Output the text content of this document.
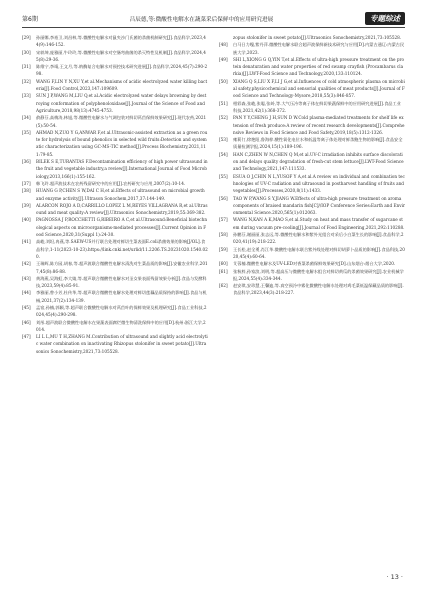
第6期	吕辰德,等:微酸性电解水在蔬菜采后保鲜中的应用研究进展	专题综述
[29]	孙丽娜,李裕卫,刘昌林,等.微酸性电解水对鼠夹沙门氏菌的杀菌机制研究[J].食品科学,2023,44(9):146-152.
[30]	宋轶坤,庞雅丽,牛玲玲,等.微酸性电解水对空肠弯曲菌的杀灭特性及机制[J].食品科学,2024,45(8):29-36.
[31]	陈维宁,李靖,王文月,等.纳酶复合电解水对预控技术研究进展[J].食品科学,2024,45(7):290-298.
[32]	WANG F,LIN Y N,XU Y,et al.Mechanisms of acidic electrolyzed water killing bacteria[J].Food Control,2023,147:109609.
[33]	SUN J P,WANG M,LIU Q,et al.Acidic electrolyzed water delays browning by destroying conformation of polyphenoloxidase[J].Journal of the Science of Food and Agriculture,2018,98(13):4745-4753.
[34]	俞静芬,高梅涛,林旭,等.微酸性电解水与气调包装对鲜切莴苣保鲜效果研究[J].现代农药,2021(5):50-54.
[35]	AHMAD N,ZUO Y G,ANWAR F,et al.Ultrasonic-assisted extraction as a green route for hydrolysis of bound phenolics in selected wild fruits:Detection and systematic characterization using GC-MS-TIC method[J].Process Biochemistry,2021,111:79-85.
[36]	BILEK S E,TURANTAS F.Decontamination efficiency of high power ultrasound in the fruit and vegetable industry,a review[J].International Journal of Food Microbiology,2013,166(1):155-162.
[37]	韩飞玲.超声波技术在农药残留研究中的应用[J].农药研究与应用,2007(2):10-14.
[38]	HUANG G P,CHEN S W,DAI C H,et al.Effects of ultrasound on microbial growth and enzyme activity[J].Ultrason Sonochem,2017,37:144-149.
[39]	ALARCON ROJO A D,CARRILLO LOPEZ L M,REYES VILLAGRANA R,et al.Ultrasound and meat quality:A review[J].Ultrasonics Sonochemistry,2019,55:369-382.
[40]	PAGNOSSA J P,ROCCHETTI G,RIBEIRO A C,et al.Ultrasound:Beneficial biotechnological aspects on microorganisms-mediated processes[J].Current Opinion in Food Science,2020,31(Suppl 1):24-30.
[41]	高峻,刘坦,冉燕,等.SAEW-US并行联合处理对鲜切生菜表面E.coli杀菌效果的影响[J/OL].食品科学,1-11(2023-10-23).https://link.cnki.net/urlid/11.2206.TS.20231020.1540.020.
[42]	王瑞辉,陈方园,胡春,等.超声波联合微酸性电解水清洗对生菜品质的影响[J].安徽农业科学,2017,45(8):86-88.
[43]	黄海燕,吴海虹,李大婧,等.超声联合微酸性电解水对圣女果表面残留效果分析[J].食品与发酵科技,2023,59(4):85-91.
[44]	李雅丽,曾小芳,杜传华,等.超声联合微酸性电解水处理对鲜切莲藕品质保持的影响[J].食品与机械,2021,37(2):134-139.
[45]	孟宿,孙楠,郭颖,等.超声联合微酸性电解水对莴苣叶的保鲜效果及机理研究[J].食品工业科技,2024,45(4):290-298.
[46]	刘彤.超声波联合微酸性电解水在果蔬表面腐烂微生物清洗保鲜中的应用[D].杭州:浙江大学,2014.
[47]	LI L L,MU T H,ZHANG M.Contribution of ultrasound and slightly acid electrolytic water combination on inactivating Rhizopus stolonifer in sweet potato[J].Ultrasonics Sonochemistry,2021,73:105528.
zopus stolonifer in sweet potato[J].Ultrasonics Sonochemistry,2021,73:105528.
[48]	白马日力嘎,紫丹萍.微酸性电解水联合超声波保鲜新技术研究与应用[D].内蒙古通辽:内蒙古民族大学,2023.
[49]	SHI L,XIONG G Q,YIN T,et al.Effects of ultra-high pressure treatment on the protein denaturation and water properties of red swamp crayfish (Procambarus clarkia)[J].LWT-Food Science and Technology,2020,133:110124.
[50]	XIANG Q S,LIU X F,LI J G,et al.Influences of cold atmospheric plasma on microbial safety,physicochemical and sensorial qualities of meat products[J].Journal of Food Science and Technology-Mysore,2018,55(3):846-857.
[51]	相彩森,张峻,张聪,张岭,等.大气压冷等离子体在鲜切果蔬保鲜中的应用研究进展[J].食品工业科技,2021,42(1):368-372.
[52]	PAN Y Y,CHENG J H,SUN D W.Cold plasma-mediated treatments for shelf life extension of fresh produce:A review of recent research developments[J].Comprehensive Reviews in Food Science and Food Safety,2019,18(5):1312-1326.
[53]	雍莉仃,徐艳阳,鲁海梓.酸性氧化电位水和低温等离子体处理对鲜杀鲍生物的影响[J].食品安全质量检测学报,2024,15(1):189-196.
[54]	HAN C,ZHEN W N,CHEN Q M,et al.UV-C irradiation inhibits surface discoloration and delays quality degradation of fresh-cut stem lettuce[J].LWT-Food Science and Technology,2021,147:111533.
[55]	ESUA O J,CHIN N L,YUSOF Y A,et al.A review on individual and combination technologies of UV-C radiation and ultrasound in postharvest handling of fruits and vegetables[J].Processes,2020,8(11):1433.
[56]	TAO W P,WANG S Y,JIANG W.Effects of ultra-high pressure treatment on aroma components of braised mandarin fish[C]//IOP Conference Series:Earth and Environmental Science.2020,565(1):012063.
[57]	WANG N,KAN A K,MAO S,et al.Study on heat and mass transfer of sugarcane stem during vacuum pre-cooling[J].Journal of Food Engineering,2021,292:110288.
[58]	孙鹏芬,谢丽丽,张志远,等.微酸性电解水和紫外光组合对采后小白菜生长的影响[J].食品科学,2020,41(19):218-222.
[59]	王长松,赵全勇,肖江华.微酸性电解水联合紫外线处理对鲜切胡萝卜品质的影响[J].食品科技,2020,45(4):60-64.
[60]	艾蓉楠.微酸性电解水及UV-LED对香菜杀菌保鲜效果研究[D].山东烟台:烟台大学,2020.
[61]	张秋梓,孙家滨,刘明,等.超高压与微酸性电解水组合对鲜切黄瓜的杀菌效果研究[J].农业机械学报,2024,55(4):334-344.
[62]	赵安琪,安珍慧,王馨迪,等.真空预冷中雾化微酸性电解水处理对鸡毛菜低温保藏品质的影响[J].食品科学,2023,44(3):218-227.
· 13 ·
